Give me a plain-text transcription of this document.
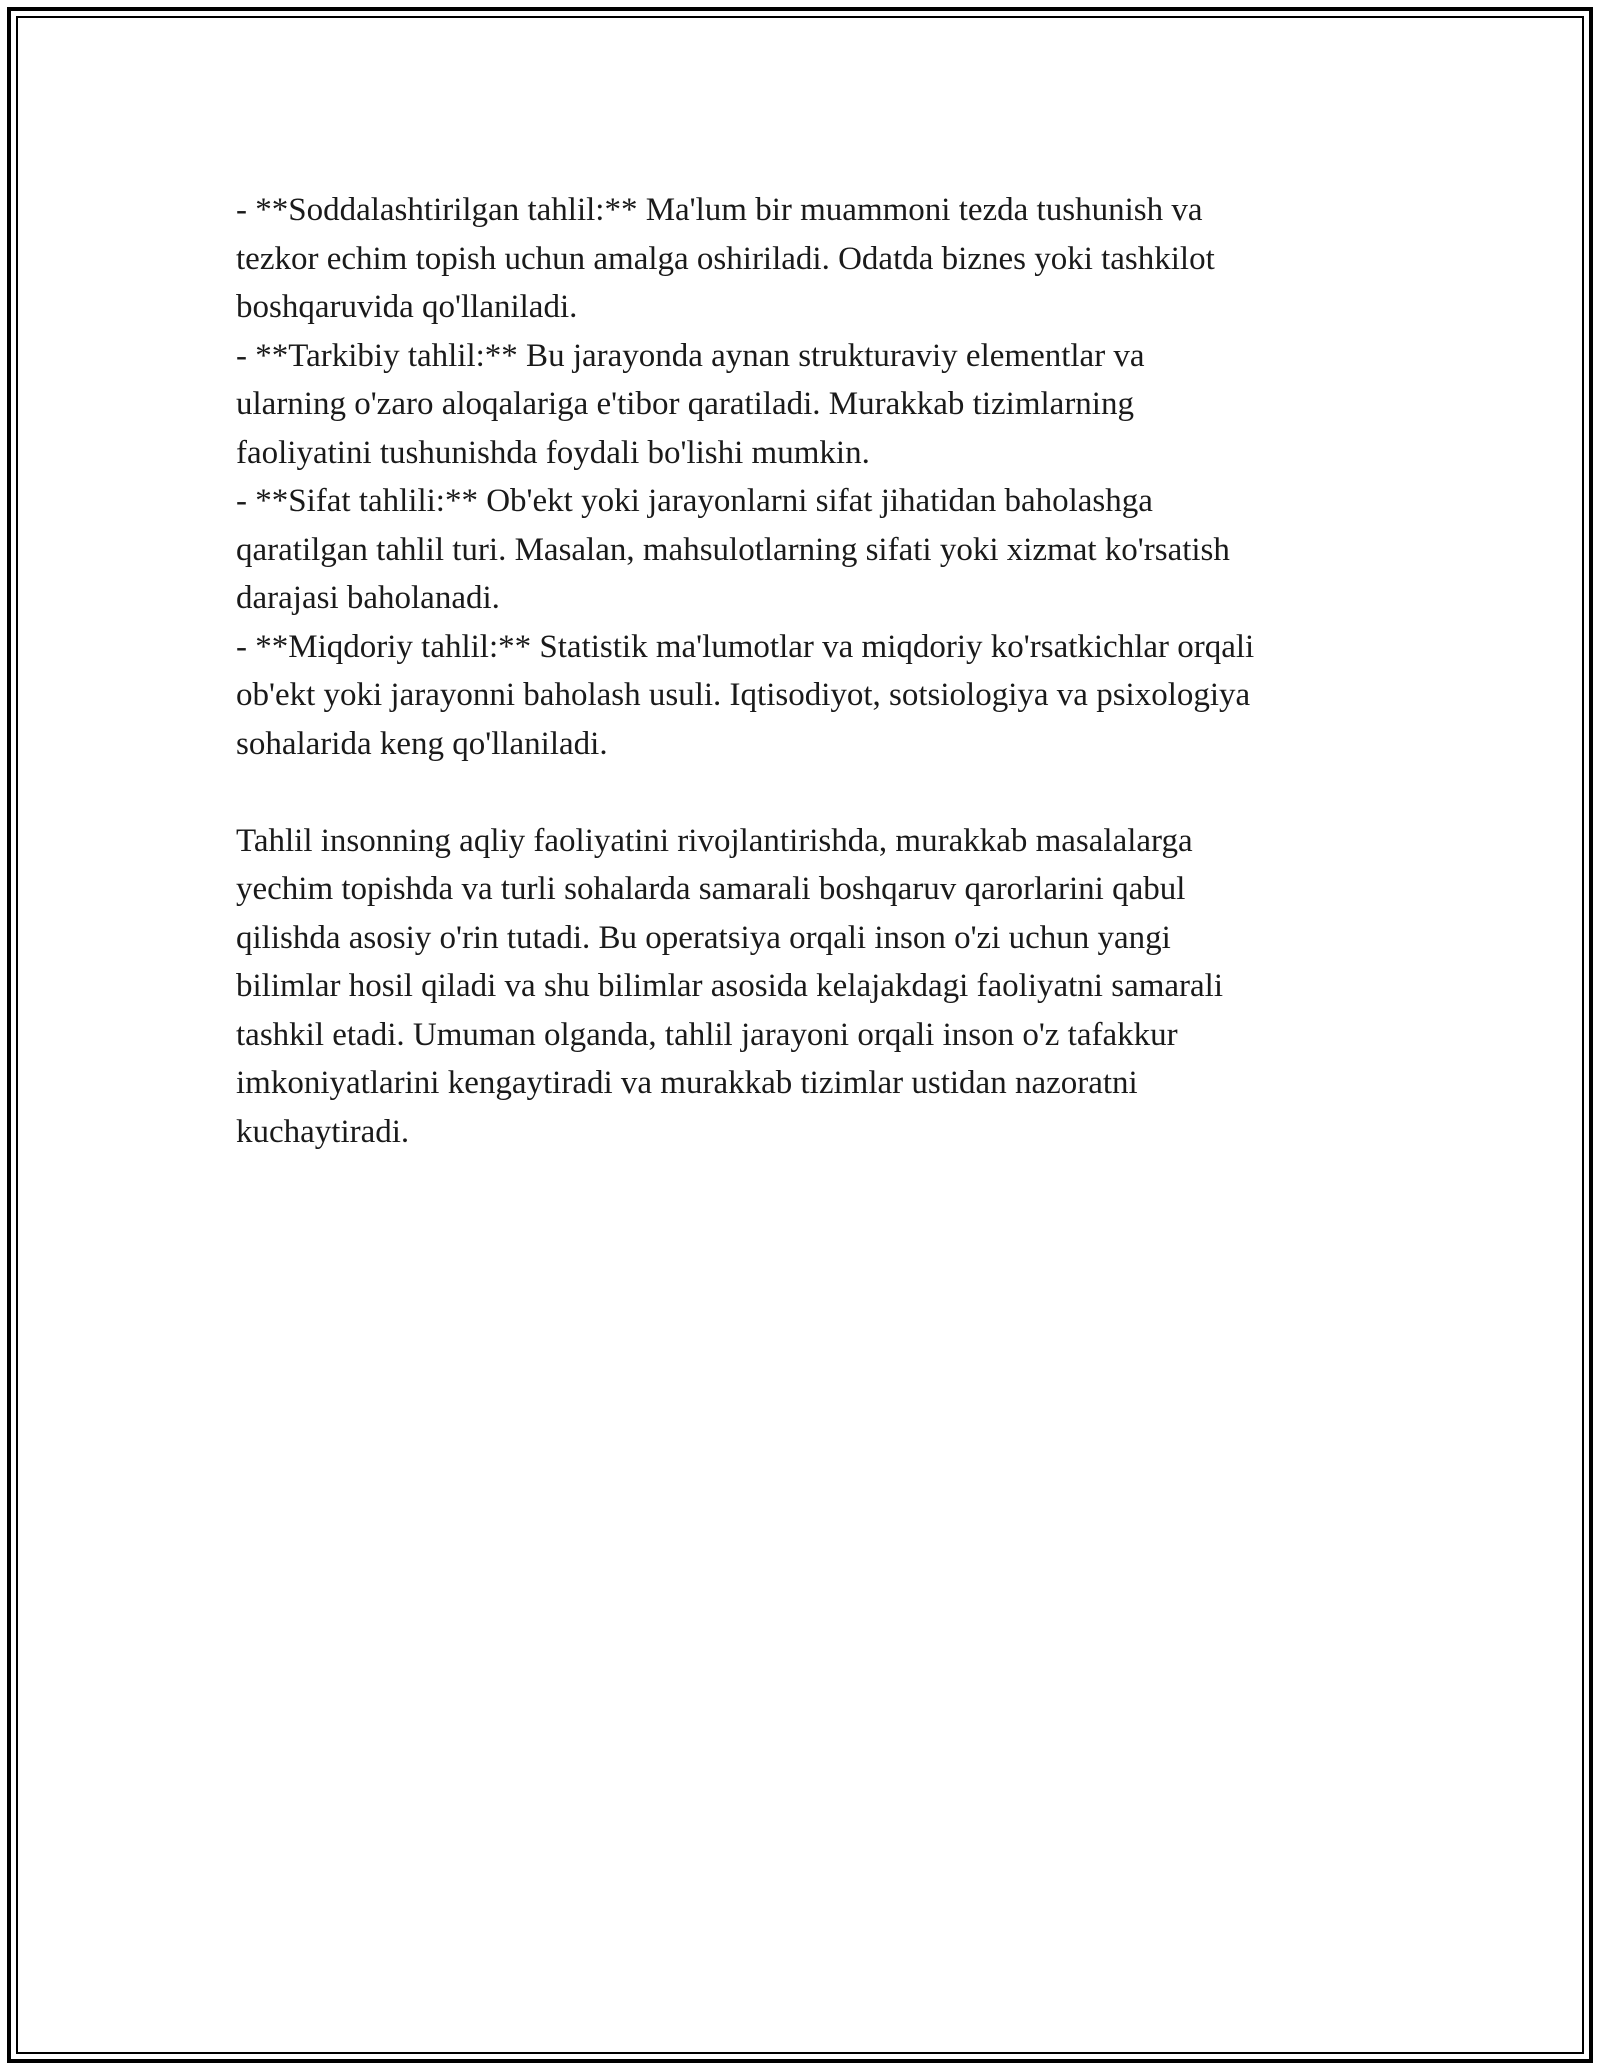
- **Soddalashtirilgan tahlil:** Ma'lum bir muammoni tezda tushunish va
tezkor echim topish uchun amalga oshiriladi. Odatda biznes yoki tashkilot
boshqaruvida qo'llaniladi.
- **Tarkibiy tahlil:** Bu jarayonda aynan strukturaviy elementlar va
ularning o'zaro aloqalariga e'tibor qaratiladi. Murakkab tizimlarning
faoliyatini tushunishda foydali bo'lishi mumkin.
- **Sifat tahlili:** Ob'ekt yoki jarayonlarni sifat jihatidan baholashga
qaratilgan tahlil turi. Masalan, mahsulotlarning sifati yoki xizmat ko'rsatish
darajasi baholanadi.
- **Miqdoriy tahlil:** Statistik ma'lumotlar va miqdoriy ko'rsatkichlar orqali
ob'ekt yoki jarayonni baholash usuli. Iqtisodiyot, sotsiologiya va psixologiya
sohalarida keng qo'llaniladi.
Tahlil insonning aqliy faoliyatini rivojlantirishda, murakkab masalalarga
yechim topishda va turli sohalarda samarali boshqaruv qarorlarini qabul
qilishda asosiy o'rin tutadi. Bu operatsiya orqali inson o'zi uchun yangi
bilimlar hosil qiladi va shu bilimlar asosida kelajakdagi faoliyatni samarali
tashkil etadi. Umuman olganda, tahlil jarayoni orqali inson o'z tafakkur
imkoniyatlarini kengaytiradi va murakkab tizimlar ustidan nazoratni
kuchaytiradi.
